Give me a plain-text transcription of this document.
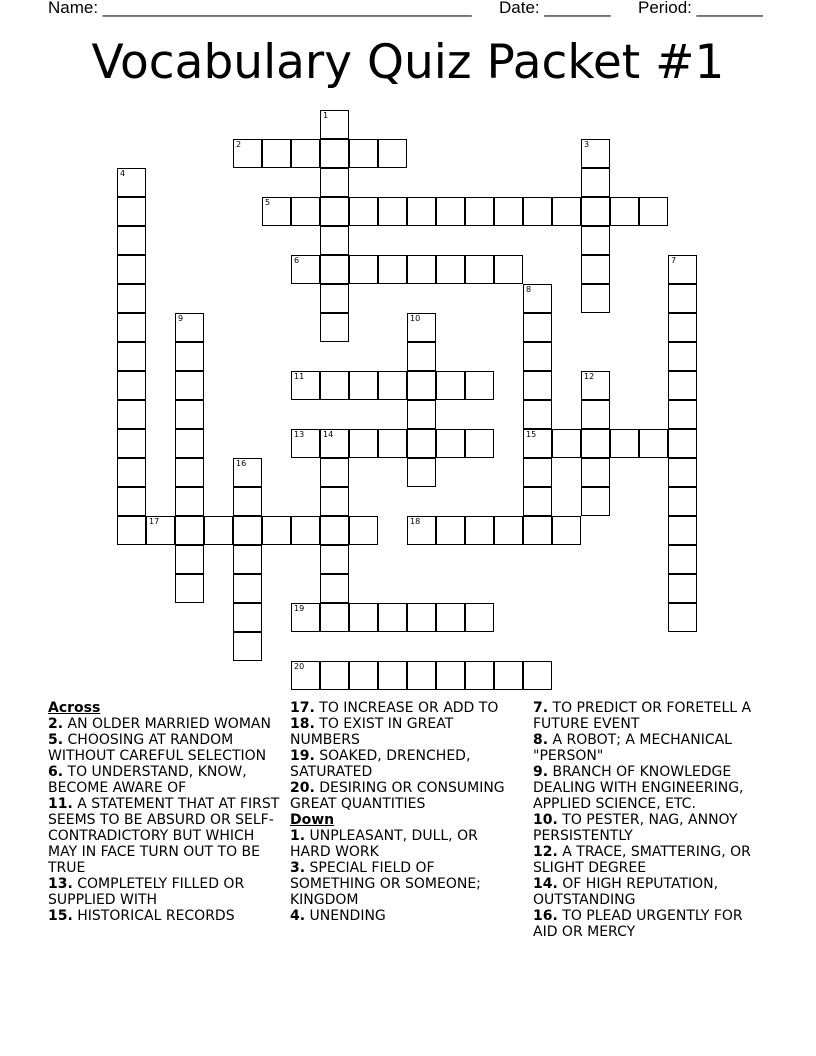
Name: _______________________________________ Date: _______ Period: _______
Vocabulary Quiz Packet #1
1
2	3
4
5
6	7
8
15
9	10
11	12
13 14
16
17	18
19
20
Across
2. AN OLDER MARRIED WOMAN
5. CHOOSING AT RANDOM WITHOUT CAREFUL SELECTION
6. TO UNDERSTAND, KNOW, BECOME AWARE OF
11. A STATEMENT THAT AT FIRST SEEMS TO BE ABSURD OR SELF-CONTRADICTORY BUT WHICH MAY IN FACE TURN OUT TO BE TRUE
13. COMPLETELY FILLED OR SUPPLIED WITH
15. HISTORICAL RECORDS
17. TO INCREASE OR ADD TO
18. TO EXIST IN GREAT NUMBERS
19. SOAKED, DRENCHED, SATURATED
20. DESIRING OR CONSUMING GREAT QUANTITIES
Down
1. UNPLEASANT, DULL, OR HARD WORK
3. SPECIAL FIELD OF SOMETHING OR SOMEONE; KINGDOM
4. UNENDING
7. TO PREDICT OR FORETELL A FUTURE EVENT
8. A ROBOT; A MECHANICAL "PERSON"
9. BRANCH OF KNOWLEDGE DEALING WITH ENGINEERING, APPLIED SCIENCE, ETC.
10. TO PESTER, NAG, ANNOY PERSISTENTLY
12. A TRACE, SMATTERING, OR SLIGHT DEGREE
14. OF HIGH REPUTATION, OUTSTANDING
16. TO PLEAD URGENTLY FOR AID OR MERCY
